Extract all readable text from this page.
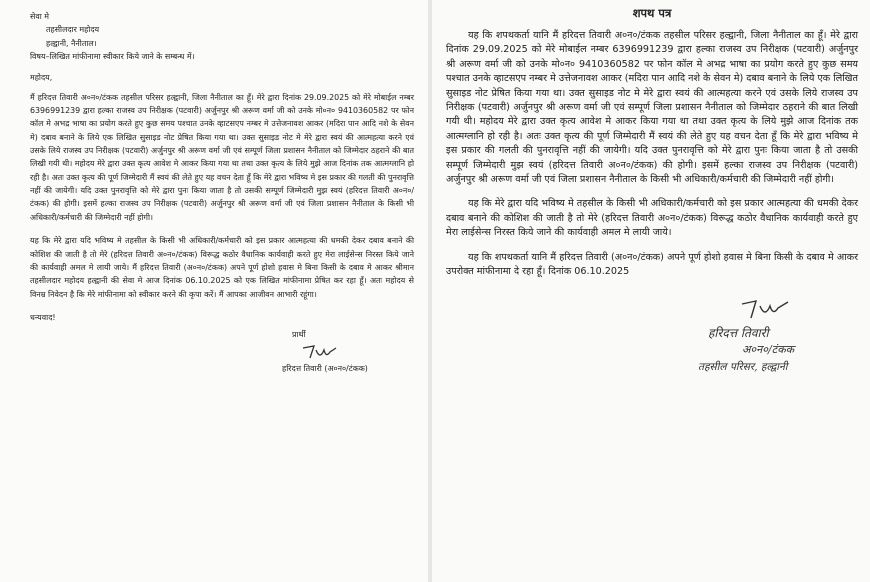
सेवा मे

तहसीलदार महोदय

हल्द्वानी, नैनीताल।

विषय–लिखित मांफीनामा स्वीकार किये जाने के सम्बन्ध में।

महोदय,

मैं हरिदत्त तिवारी अ०न०/टंकक तहसील परिसर हल्द्वानी, जिला नैनीताल का हूँ। मेरे द्वारा दिनांक 29.09.2025 को मेरे मोबाईल नम्बर 6396991239 द्वारा हल्का राजस्व उप निरीक्षक (पटवारी) अर्जुनपुर श्री अरूण वर्मा जी को उनके मो०न० 9410360582 पर फोन कॉल मे अभद्र भाषा का प्रयोग करते हुए कुछ समय पश्चात उनके व्हाटसएप नम्बर मे उत्तेजनावश आकर (मदिरा पान आदि नशे के सेवन मे) दबाव बनाने के लिये एक लिखित सुसाइड नोट प्रेषित किया गया था। उक्त सुसाइड नोट मे मेरे द्वारा स्वयं की आत्महत्या करने एवं उसके लिये राजस्व उप निरीक्षक (पटवारी) अर्जुनपुर श्री अरूण वर्मा जी एवं सम्पूर्ण जिला प्रशासन नैनीताल को जिम्मेदार ठहराने की बात लिखी गयी थी। महोदय मेरे द्वारा उक्त कृत्य आवेश मे आकर किया गया था तथा उक्त कृत्य के लिये मुझे आज दिनांक तक आत्मग्लानि हो रही है। अतः उक्त कृत्य की पूर्ण जिम्मेदारी मैं स्वयं की लेते हुए यह वचन देता हूँ कि मेरे द्वारा भविष्य मे इस प्रकार की गलती की पुनरावृत्ति नहीं की जायेगी। यदि उक्त पुनरावृत्ति को मेरे द्वारा पुनः किया जाता है तो उसकी सम्पूर्ण जिम्मेदारी मुझ स्वयं (हरिदत्त तिवारी अ०न०/टंकक) की होगी। इसमें हल्का राजस्व उप निरीक्षक (पटवारी) अर्जुनपुर श्री अरूण वर्मा जी एवं जिला प्रशासन नैनीताल के किसी भी अधिकारी/कर्मचारी की जिम्मेदारी नहीं होगी।

यह कि मेरे द्वारा यदि भविष्य मे तहसील के किसी भी अधिकारी/कर्मचारी को इस प्रकार आत्महत्या की धमकी देकर दबाव बनाने की कोशिश की जाती है तो मेरे (हरिदत्त तिवारी अ०न०/टंकक) विरूद्ध कठोर वैधानिक कार्यवाही करते हुए मेरा लाईसेन्स निरस्त किये जाने की कार्यवाही अमल मे लायी जाये। मैं हरिदत्त तिवारी (अ०न०/टंकक) अपने पूर्ण होशो हवास मे बिना किसी के दबाव मे आकर श्रीमान तहसीलदार महोदय हल्द्वानी की सेवा मे आज दिनांक 06.10.2025 को एक लिखित मांफीनामा प्रेषित कर रहा हूँ। अतः महोदय से विनम्र निवेदन है कि मेरे मांफीनामा को स्वीकार करने की कृपा करें। मैं आपका आजीवन आभारी रहूंगा।

धन्यवाद!

प्रार्थी

हरिदत्त तिवारी (अ०न०/टंकक)

शपथ पत्र

यह कि शपथकर्ता यानि मैं हरिदत्त तिवारी अ०न०/टंकक तहसील परिसर हल्द्वानी, जिला नैनीताल का हूँ। मेरे द्वारा दिनांक 29.09.2025 को मेरे मोबाईल नम्बर 6396991239 द्वारा हल्का राजस्व उप निरीक्षक (पटवारी) अर्जुनपुर श्री अरूण वर्मा जी को उनके मो०न० 9410360582 पर फोन कॉल मे अभद्र भाषा का प्रयोग करते हुए कुछ समय पश्चात उनके व्हाटसएप नम्बर मे उत्तेजनावश आकर (मदिरा पान आदि नशे के सेवन मे) दबाव बनाने के लिये एक लिखित सुसाइड नोट प्रेषित किया गया था। उक्त सुसाइड नोट मे मेरे द्वारा स्वयं की आत्महत्या करने एवं उसके लिये राजस्व उप निरीक्षक (पटवारी) अर्जुनपुर श्री अरूण वर्मा जी एवं सम्पूर्ण जिला प्रशासन नैनीताल को जिम्मेदार ठहराने की बात लिखी गयी थी। महोदय मेरे द्वारा उक्त कृत्य आवेश मे आकर किया गया था तथा उक्त कृत्य के लिये मुझे आज दिनांक तक आत्मग्लानि हो रही है। अतः उक्त कृत्य की पूर्ण जिम्मेदारी मैं स्वयं की लेते हुए यह वचन देता हूँ कि मेरे द्वारा भविष्य मे इस प्रकार की गलती की पुनरावृत्ति नहीं की जायेगी। यदि उक्त पुनरावृत्ति को मेरे द्वारा पुनः किया जाता है तो उसकी सम्पूर्ण जिम्मेदारी मुझ स्वयं (हरिदत्त तिवारी अ०न०/टंकक) की होगी। इसमें हल्का राजस्व उप निरीक्षक (पटवारी) अर्जुनपुर श्री अरूण वर्मा जी एवं जिला प्रशासन नैनीताल के किसी भी अधिकारी/कर्मचारी की जिम्मेदारी नहीं होगी।

यह कि मेरे द्वारा यदि भविष्य मे तहसील के किसी भी अधिकारी/कर्मचारी को इस प्रकार आत्महत्या की धमकी देकर दबाव बनाने की कोशिश की जाती है तो मेरे (हरिदत्त तिवारी अ०न०/टंकक) विरूद्ध कठोर वैधानिक कार्यवाही करते हुए मेरा लाईसेन्स निरस्त किये जाने की कार्यवाही अमल मे लायी जाये।

यह कि शपथकर्ता यानि मैं हरिदत्त तिवारी (अ०न०/टंकक) अपने पूर्ण होशो हवास मे बिना किसी के दबाव मे आकर उपरोक्त मांफीनामा दे रहा हूँ। दिनांक 06.10.2025

हरिदत्त तिवारी

अ०न०/टंकक

तहसील परिसर, हल्द्वानी
